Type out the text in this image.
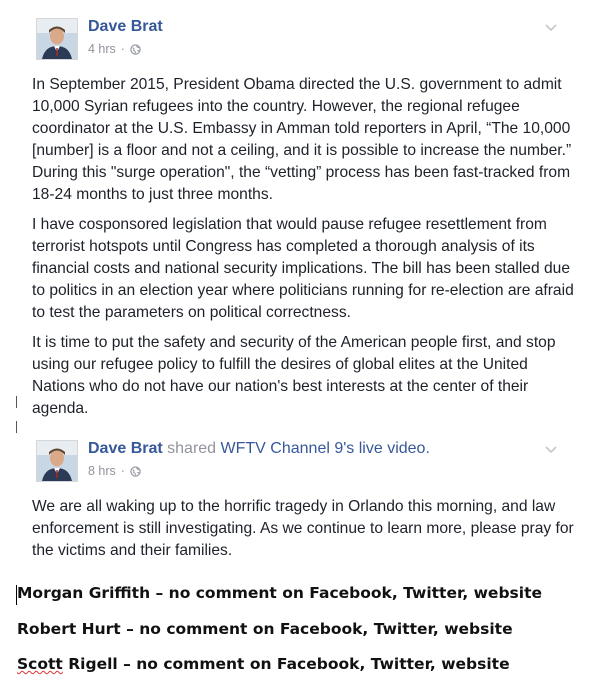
Dave Brat
4 hrs ·

In September 2015, President Obama directed the U.S. government to admit 10,000 Syrian refugees into the country. However, the regional refugee coordinator at the U.S. Embassy in Amman told reporters in April, “The 10,000 [number] is a floor and not a ceiling, and it is possible to increase the number.” During this "surge operation", the “vetting” process has been fast-tracked from 18-24 months to just three months.

I have cosponsored legislation that would pause refugee resettlement from terrorist hotspots until Congress has completed a thorough analysis of its financial costs and national security implications. The bill has been stalled due to politics in an election year where politicians running for re-election are afraid to test the parameters on political correctness.

It is time to put the safety and security of the American people first, and stop using our refugee policy to fulfill the desires of global elites at the United Nations who do not have our nation's best interests at the center of their agenda.

Dave Brat shared WFTV Channel 9's live video.
8 hrs ·

We are all waking up to the horrific tragedy in Orlando this morning, and law enforcement is still investigating. As we continue to learn more, please pray for the victims and their families.

Morgan Griffith – no comment on Facebook, Twitter, website
Robert Hurt – no comment on Facebook, Twitter, website
Scott Rigell – no comment on Facebook, Twitter, website
